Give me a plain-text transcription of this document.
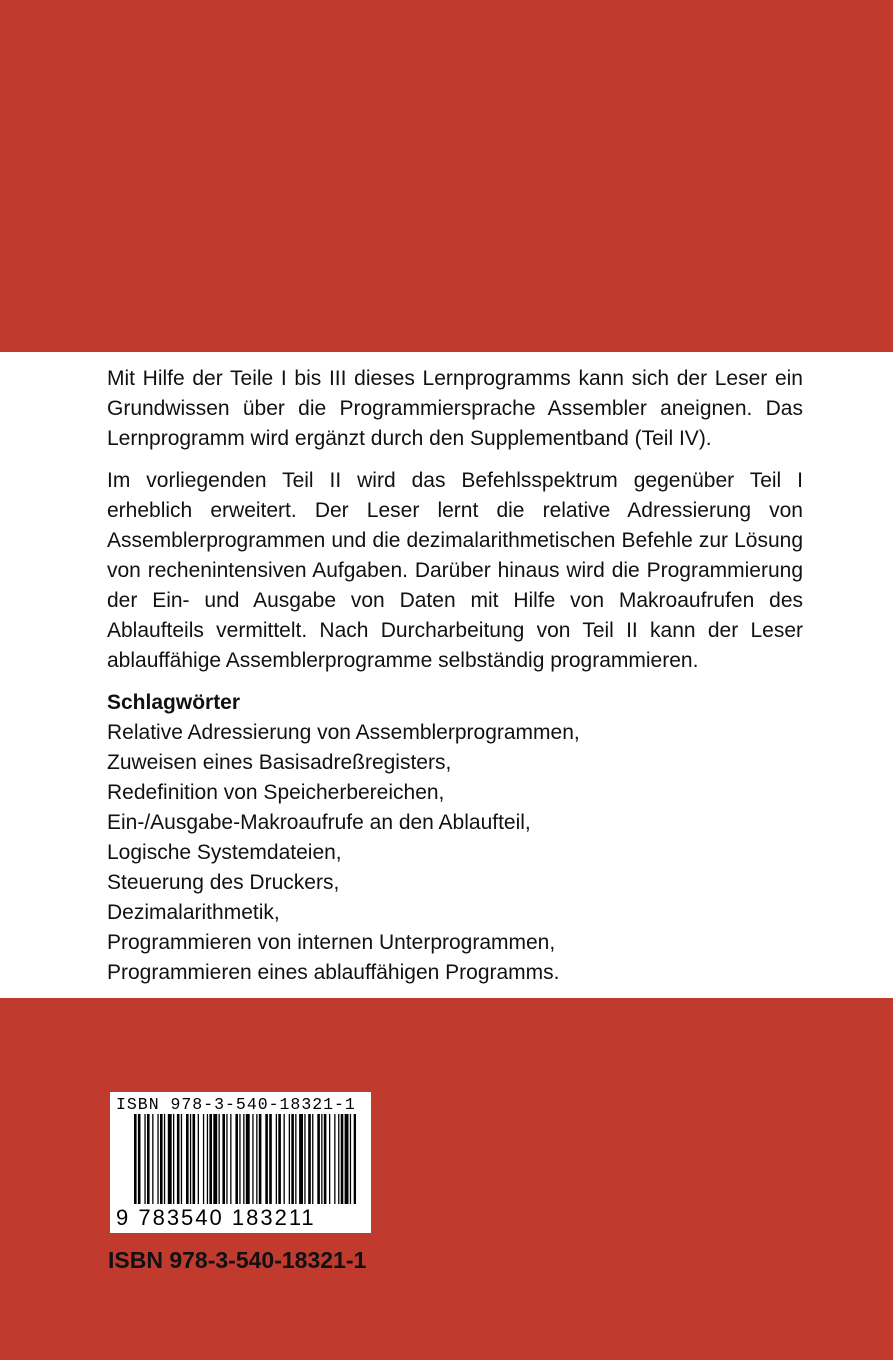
Mit Hilfe der Teile I bis III dieses Lernprogramms kann sich der Leser ein Grundwissen über die Programmiersprache Assembler aneignen. Das Lernprogramm wird ergänzt durch den Supplementband (Teil IV).

Im vorliegenden Teil II wird das Befehlsspektrum gegenüber Teil I erheblich erweitert. Der Leser lernt die relative Adressierung von Assemblerprogrammen und die dezimalarithmetischen Befehle zur Lösung von rechenintensiven Aufgaben. Darüber hinaus wird die Programmierung der Ein- und Ausgabe von Daten mit Hilfe von Makroaufrufen des Ablaufteils vermittelt. Nach Durcharbeitung von Teil II kann der Leser ablauffähige Assemblerprogramme selbständig programmieren.

Schlagwörter

Relative Adressierung von Assemblerprogrammen,
Zuweisen eines Basisadreßregisters,
Redefinition von Speicherbereichen,
Ein-/Ausgabe-Makroaufrufe an den Ablaufteil,
Logische Systemdateien,
Steuerung des Druckers,
Dezimalarithmetik,
Programmieren von internen Unterprogrammen,
Programmieren eines ablauffähigen Programms.
ISBN 978-3-540-18321-1
9 783540 183211
ISBN 978-3-540-18321-1
